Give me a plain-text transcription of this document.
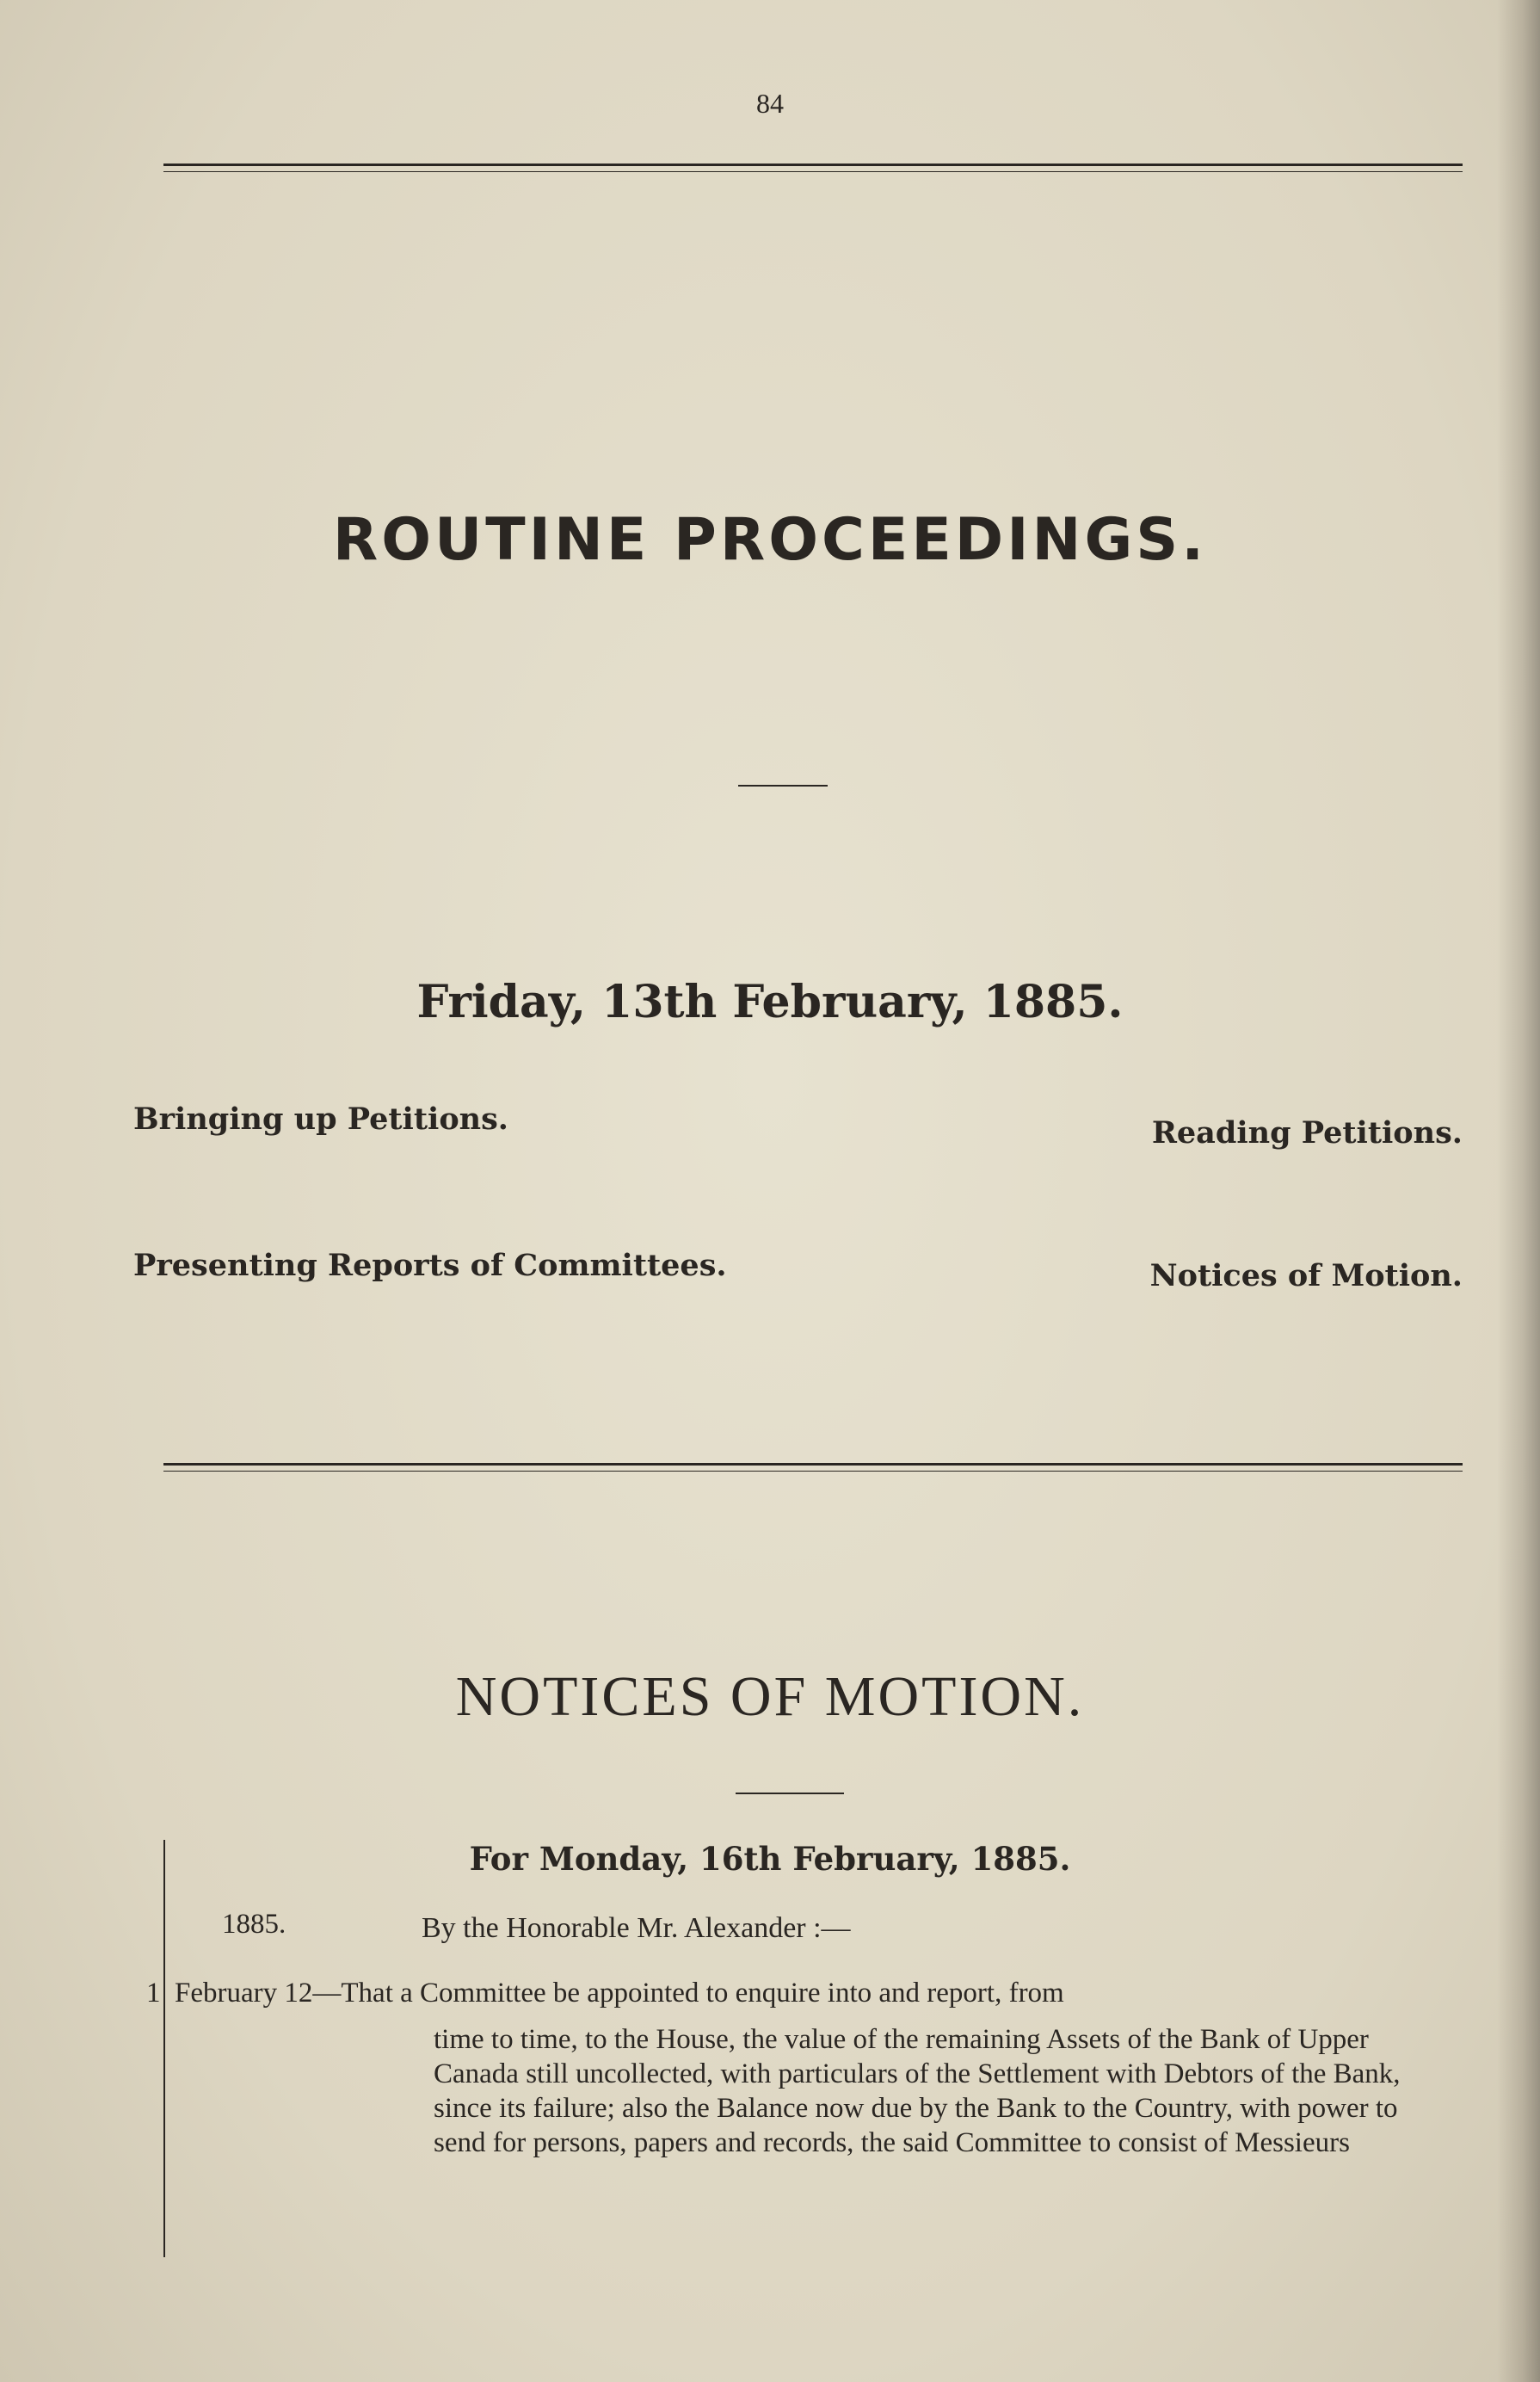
84
ROUTINE PROCEEDINGS.
Friday, 13th February, 1885.
Bringing up Petitions.	Reading Petitions.
Presenting Reports of Committees.	Notices of Motion.
NOTICES OF MOTION.
For Monday, 16th February, 1885.
1885.	By the Honorable Mr. Alexander :—
1 February 12—That a Committee be appointed to enquire into and report, from
time to time, to the House, the value of the remaining Assets of the Bank of Upper Canada still uncollected, with particulars of the Settlement with Debtors of the Bank, since its failure; also the Balance now due by the Bank to the Country, with power to send for persons, papers and records, the said Committee to consist of Messieurs
